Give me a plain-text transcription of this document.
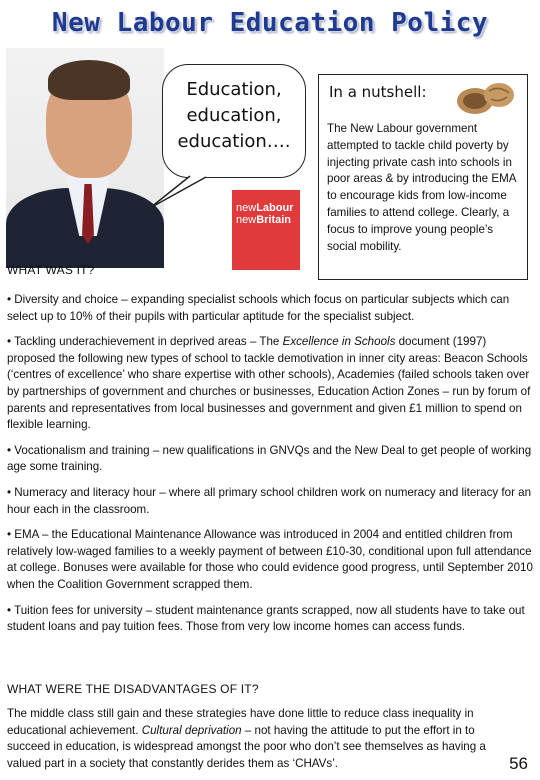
New Labour Education Policy
Education,
education,
education….
newLabour
newBritain
In a nutshell:
The New Labour government attempted to tackle child poverty by injecting private cash into schools in poor areas & by introducing the EMA to encourage kids from low-income families to attend college. Clearly, a focus to improve young people’s social mobility.
WHAT WAS IT?
• Diversity and choice – expanding specialist schools which focus on particular subjects which can select up to 10% of their pupils with particular aptitude for the specialist subject.
• Tackling underachievement in deprived areas – The Excellence in Schools document (1997) proposed the following new types of school to tackle demotivation in inner city areas: Beacon Schools (‘centres of excellence’ who share expertise with other schools), Academies (failed schools taken over by partnerships of government and churches or businesses, Education Action Zones – run by forum of parents and representatives from local businesses and government and given £1 million to spend on flexible learning.
• Vocationalism and training – new qualifications in GNVQs and the New Deal to get people of working age some training.
• Numeracy and literacy hour – where all primary school children work on numeracy and literacy for an hour each in the classroom.
• EMA – the Educational Maintenance Allowance was introduced in 2004 and entitled children from relatively low-waged families to a weekly payment of between £10-30, conditional upon full attendance at college. Bonuses were available for those who could evidence good progress, until September 2010 when the Coalition Government scrapped them.
• Tuition fees for university – student maintenance grants scrapped, now all students have to take out student loans and pay tuition fees. Those from very low income homes can access funds.
WHAT WERE THE DISADVANTAGES OF IT?
The middle class still gain and these strategies have done little to reduce class inequality in educational achievement. Cultural deprivation – not having the attitude to put the effort in to succeed in education, is widespread amongst the poor who don’t see themselves as having a valued part in a society that constantly derides them as ‘CHAVs’.	56
